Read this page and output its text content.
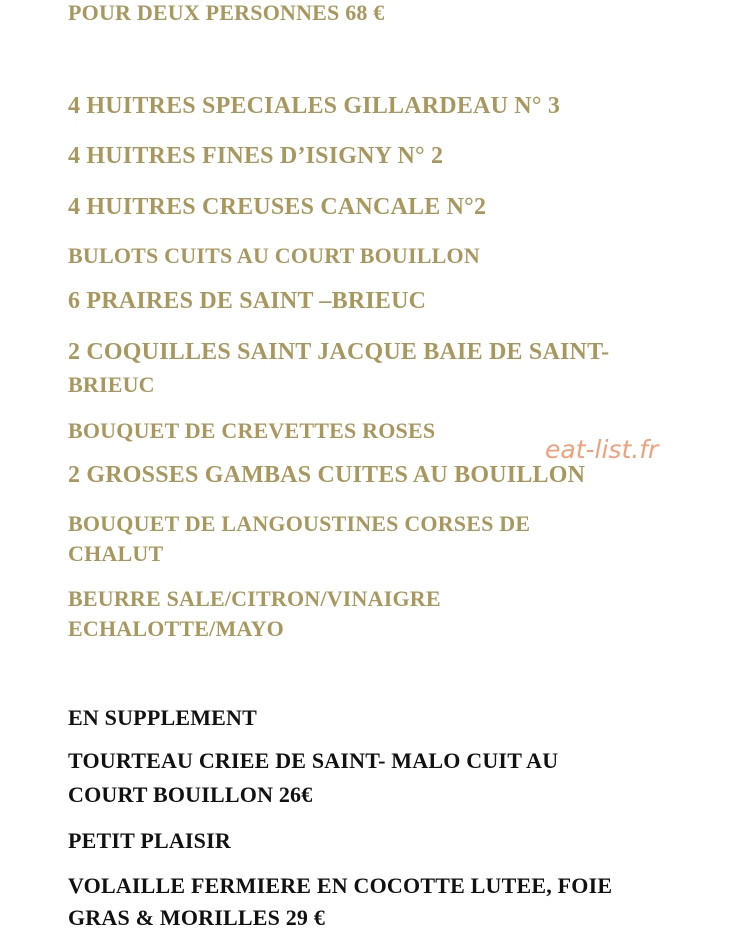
POUR DEUX PERSONNES 68 €

4 HUITRES SPECIALES GILLARDEAU N° 3

4 HUITRES FINES D’ISIGNY N° 2

4 HUITRES CREUSES CANCALE N°2

BULOTS CUITS AU COURT BOUILLON

6 PRAIRES DE SAINT –BRIEUC

2 COQUILLES SAINT JACQUE BAIE DE SAINT-

BRIEUC

BOUQUET DE CREVETTES ROSES

2 GROSSES GAMBAS CUITES AU BOUILLON

BOUQUET DE LANGOUSTINES CORSES DE

CHALUT

BEURRE SALE/CITRON/VINAIGRE

ECHALOTTE/MAYO

EN SUPPLEMENT

TOURTEAU CRIEE DE SAINT- MALO CUIT AU

COURT BOUILLON 26€

PETIT PLAISIR

VOLAILLE FERMIERE EN COCOTTE LUTEE, FOIE

GRAS & MORILLES 29 €

eat-list.fr
